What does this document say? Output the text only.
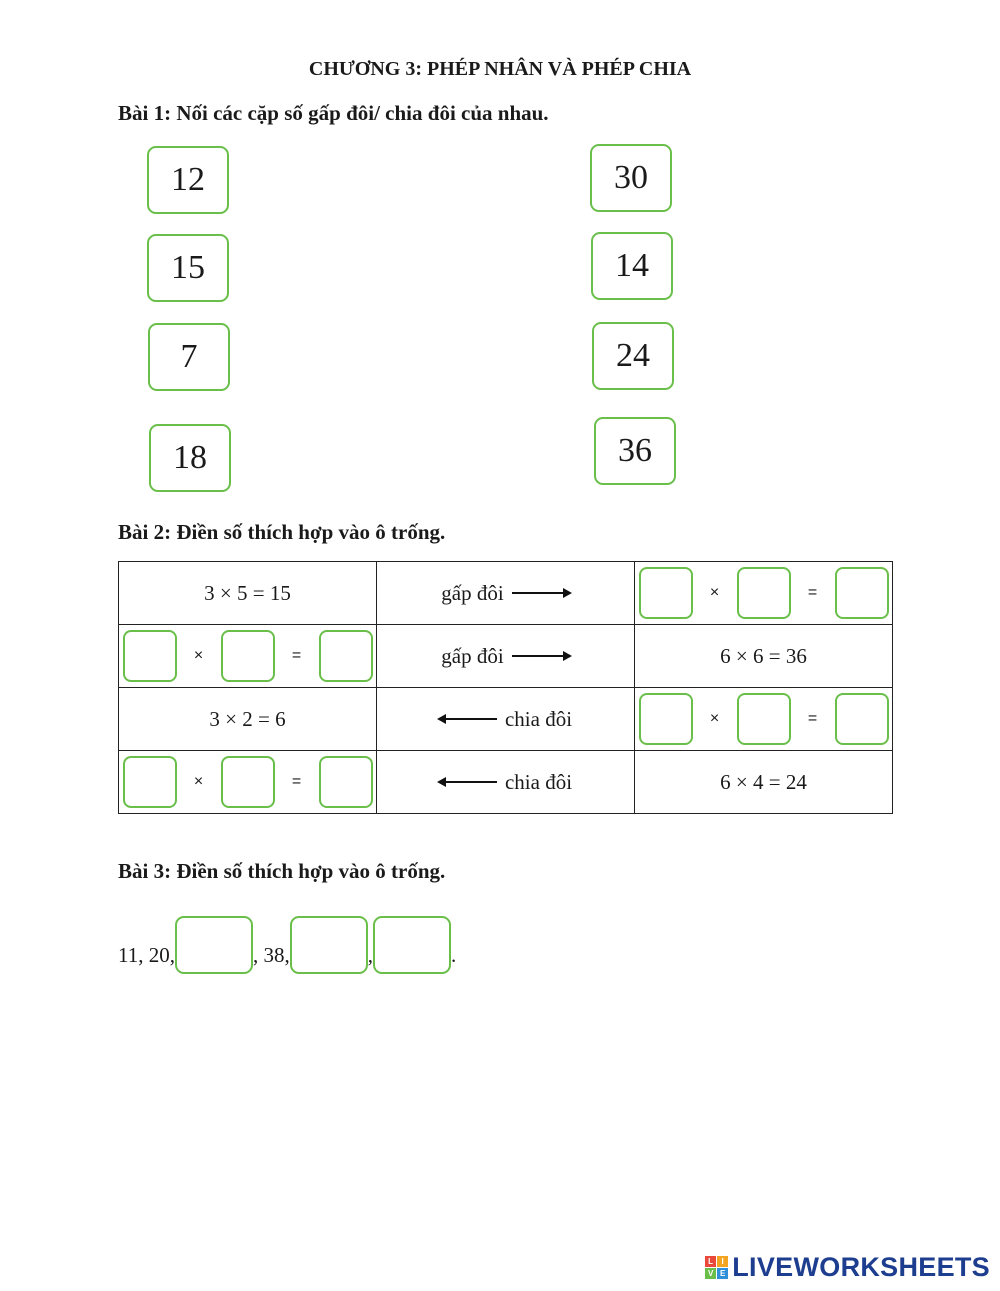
CHƯƠNG 3: PHÉP NHÂN VÀ PHÉP CHIA
Bài 1: Nối các cặp số gấp đôi/ chia đôi của nhau.
12
15
7
18
30
14
24
36
Bài 2: Điền số thích hợp vào ô trống.
3 × 5 = 15	gấp đôi	× =

× =	gấp đôi	6 × 6 = 36
3 × 2 = 6	chia đôi	× =

× =	chia đôi	6 × 4 = 24
Bài 3: Điền số thích hợp vào ô trống.
11, 20,	, 38,	,	.
L	I
V E LIVEWORKSHEETS
